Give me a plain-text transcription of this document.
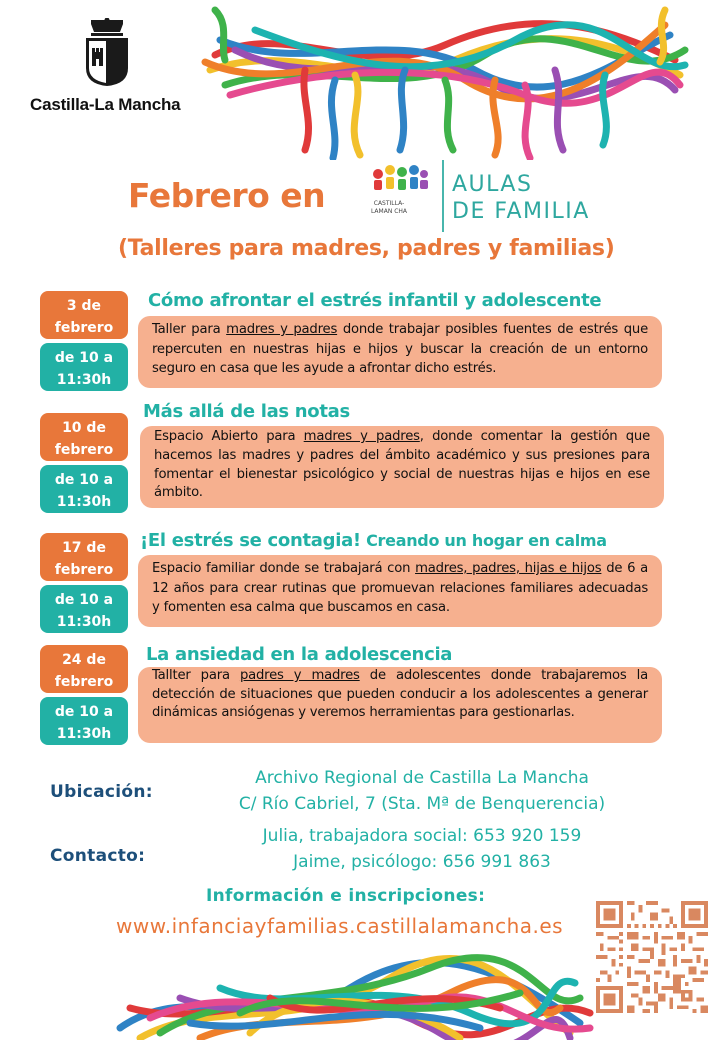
Castilla-La Mancha
Febrero en	CASTILLA- LAMAN CHA
AULAS
DE FAMILIA
(Talleres para madres, padres y familias)
3 de febrero
de 10 a 11:30h
Cómo afrontar el estrés infantil y adolescente
Taller para madres y padres donde trabajar posibles fuentes de estrés que repercuten en nuestras hijas e hijos y buscar la creación de un entorno seguro en casa que les ayude a afrontar dicho estrés.
10 de febrero
de 10 a 11:30h
Más allá de las notas
Espacio Abierto para madres y padres, donde comentar la gestión que hacemos las madres y padres del ámbito académico y sus presiones para fomentar el bienestar psicológico y social de nuestras hijas e hijos en ese ámbito.
17 de febrero
de 10 a 11:30h
¡El estrés se contagia! Creando un hogar en calma
Espacio familiar donde se trabajará con madres, padres, hijas e hijos de 6 a 12 años para crear rutinas que promuevan relaciones familiares adecuadas y fomenten esa calma que buscamos en casa.
24 de febrero
de 10 a 11:30h
La ansiedad en la adolescencia
Tallter para padres y madres de adolescentes donde trabajaremos la detección de situaciones que pueden conducir a los adolescentes a generar dinámicas ansiógenas y veremos herramientas para gestionarlas.
Ubicación:
Archivo Regional de Castilla La Mancha
C/ Río Cabriel, 7 (Sta. Mª de Benquerencia)
Contacto:
Julia, trabajadora social: 653 920 159
Jaime, psicólogo: 656 991 863
Información e inscripciones:
www.infanciayfamilias.castillalamancha.es
